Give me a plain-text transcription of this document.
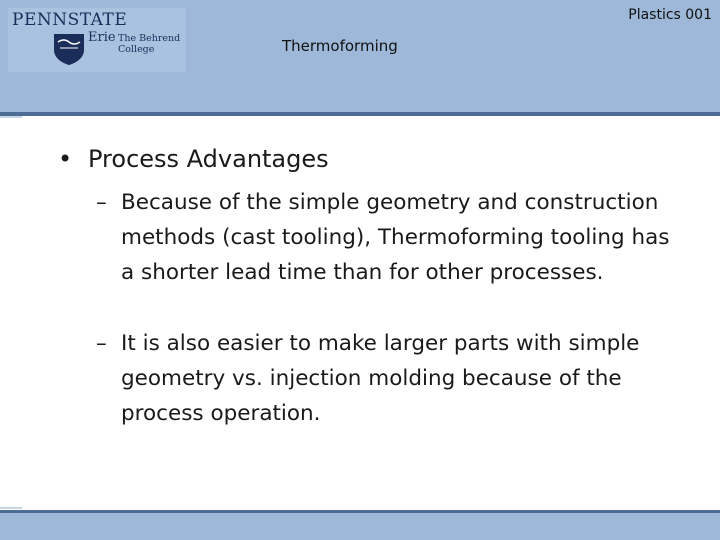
PENNSTATE
Erie The Behrend
College
Plastics 001
Thermoforming
• Process Advantages
– Because of the simple geometry and construction methods (cast tooling), Thermoforming tooling has a shorter lead time than for other processes.
– It is also easier to make larger parts with simple geometry vs. injection molding because of the process operation.
